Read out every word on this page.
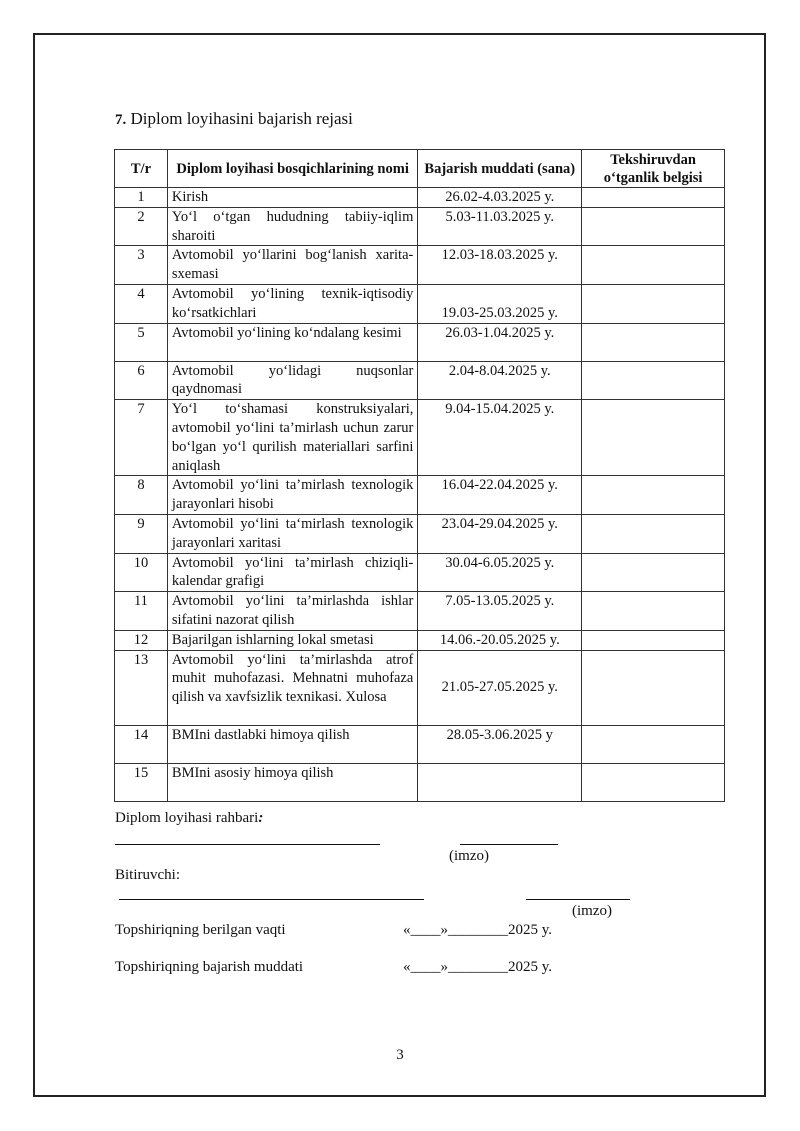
7. Diplom loyihasini bajarish rejasi
T/r	Diplom loyihasi bosqichlarining nomi	Bajarish muddati (sana)	Tekshiruvdan o‘tganlik belgisi
1	Kirish	26.02-4.03.2025 y.	
2	Yo‘l o‘tgan hududning tabiiy-iqlim sharoiti	5.03-11.03.2025 y.	
3	Avtomobil yo‘llarini bog‘lanish xarita-sxemasi	12.03-18.03.2025 y.	
4	Avtomobil yo‘lining texnik-iqtisodiy ko‘rsatkichlari	19.03-25.03.2025 y.	
5	Avtomobil yo‘lining ko‘ndalang kesimi	26.03-1.04.2025 y.	
6	Avtomobil yo‘lidagi nuqsonlar qaydnomasi	2.04-8.04.2025 y.	
7	Yo‘l to‘shamasi konstruksiyalari, avtomobil yo‘lini ta’mirlash uchun zarur bo‘lgan yo‘l qurilish materiallari sarfini aniqlash	9.04-15.04.2025 y.	
8	Avtomobil yo‘lini ta’mirlash texnologik jarayonlari hisobi	16.04-22.04.2025 y.	
9	Avtomobil yo‘lini ta‘mirlash texnologik jarayonlari xaritasi	23.04-29.04.2025 y.	
10	Avtomobil yo‘lini ta’mirlash chiziqli-kalendar grafigi	30.04-6.05.2025 y.	
11	Avtomobil yo‘lini ta’mirlashda ishlar sifatini nazorat qilish	7.05-13.05.2025 y.	
12	Bajarilgan ishlarning lokal smetasi	14.06.-20.05.2025 y.	
13	Avtomobil yo‘lini ta’mirlashda atrof muhit muhofazasi. Mehnatni muhofaza qilish va xavfsizlik texnikasi. Xulosa	21.05-27.05.2025 y.	
14	BMIni dastlabki himoya qilish	28.05-3.06.2025 y	
15	BMIni asosiy himoya qilish		
Diplom loyihasi rahbari:
(imzo)
Bitiruvchi:
(imzo)
Topshiriqning berilgan vaqti	«____»________2025 y.
Topshiriqning bajarish muddati	«____»________2025 y.
3
